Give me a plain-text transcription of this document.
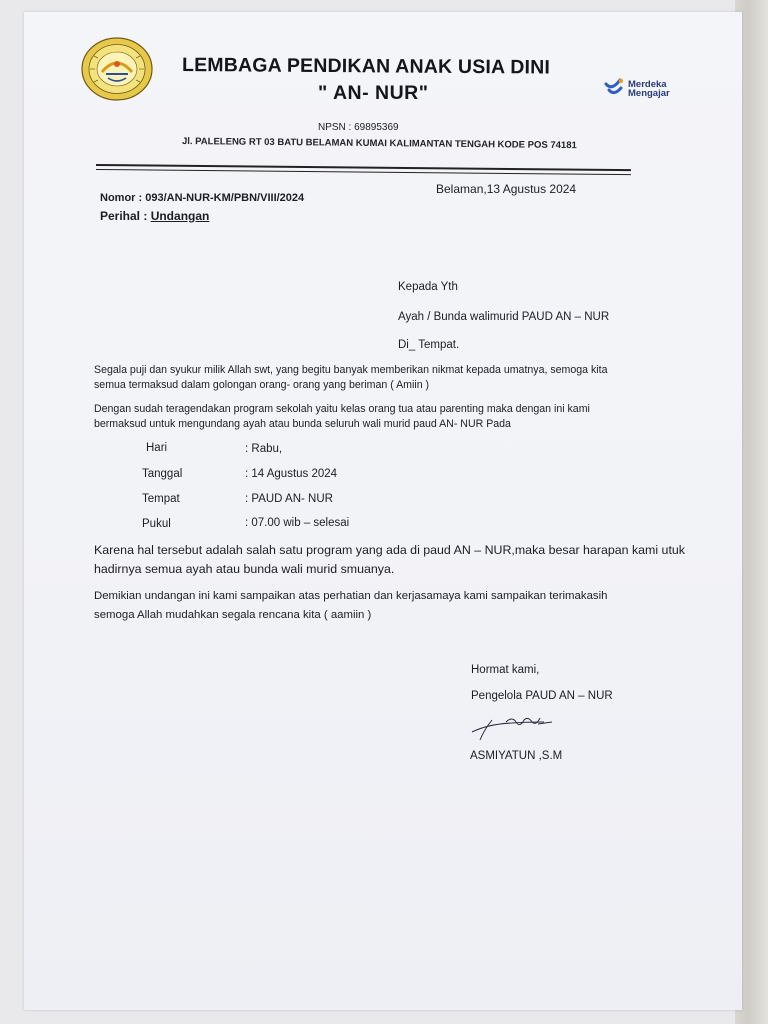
LEMBAGA PENDIKAN ANAK USIA DINI
" AN- NUR"	Merdeka
Mengajar
NPSN : 69895369
Jl. PALELENG RT 03 BATU BELAMAN KUMAI KALIMANTAN TENGAH KODE POS 74181
Belaman,13 Agustus 2024
Nomor : 093/AN-NUR-KM/PBN/VIII/2024
Perihal : Undangan
Kepada Yth
Ayah / Bunda walimurid PAUD AN – NUR
Di_ Tempat.
Segala puji dan syukur milik Allah swt, yang begitu banyak memberikan nikmat kepada umatnya, semoga kita
semua termaksud dalam golongan orang- orang yang beriman ( Amiin )
Dengan sudah teragendakan program sekolah yaitu kelas orang tua atau parenting maka dengan ini kami
bermaksud untuk mengundang ayah atau bunda seluruh wali murid paud AN- NUR Pada
Hari	: Rabu,
Tanggal	: 14 Agustus 2024
Tempat	: PAUD AN- NUR
Pukul	: 07.00 wib – selesai
Karena hal tersebut adalah salah satu program yang ada di paud AN – NUR,maka besar harapan kami utuk
hadirnya semua ayah atau bunda wali murid smuanya.
Demikian undangan ini kami sampaikan atas perhatian dan kerjasamaya kami sampaikan terimakasih
semoga Allah mudahkan segala rencana kita ( aamiin )
Hormat kami,
Pengelola PAUD AN – NUR
ASMIYATUN ,S.M
